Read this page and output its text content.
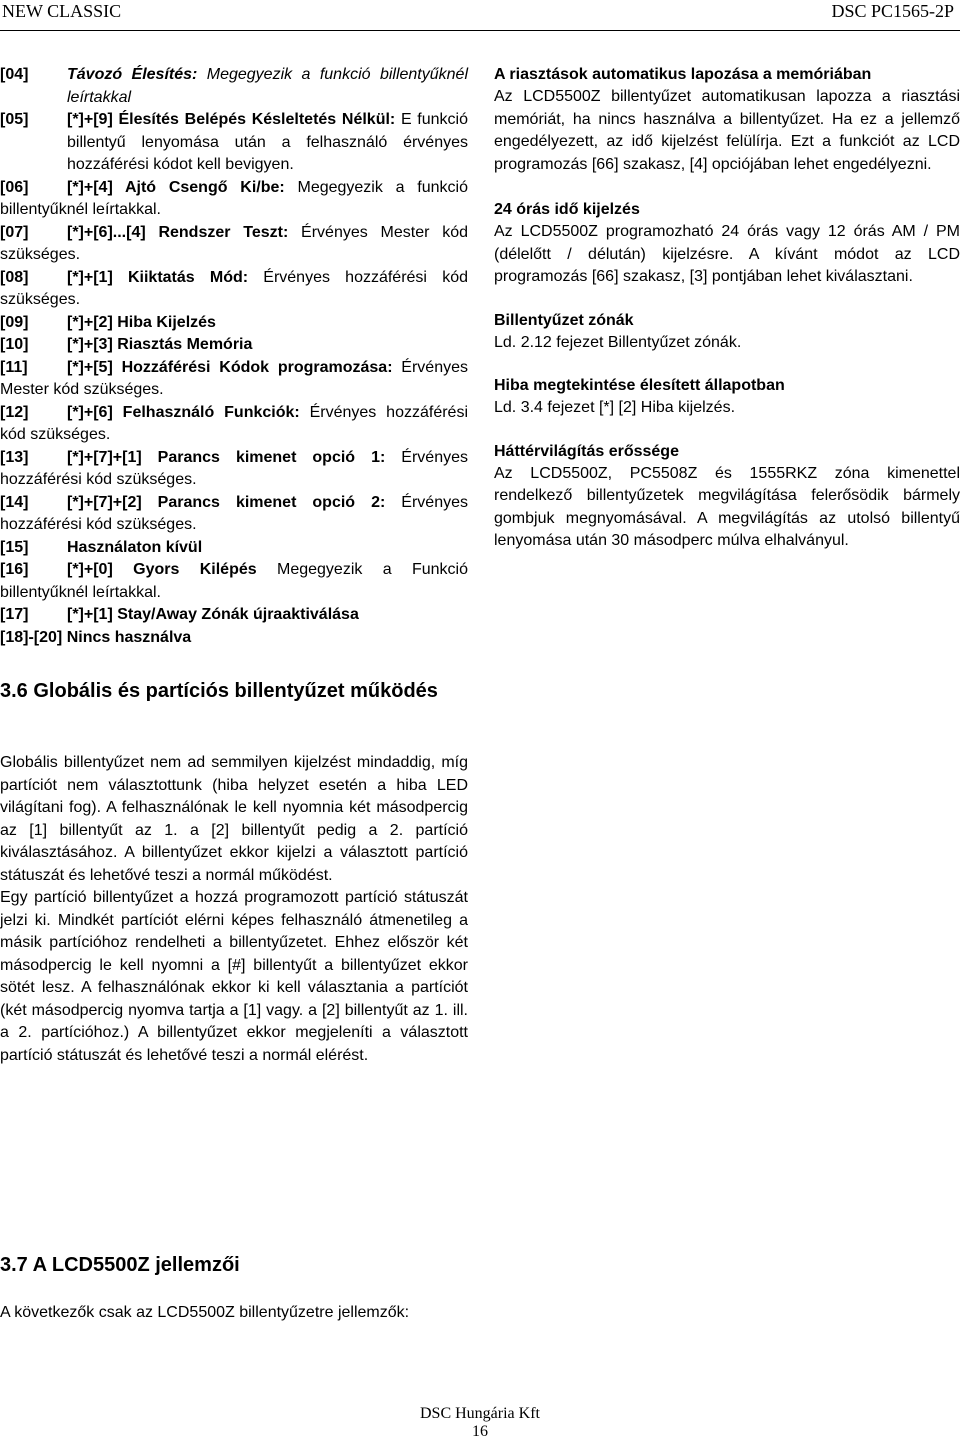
NEW CLASSIC	DSC PC1565-2P

[04] Távozó Élesítés: Megegyezik a funkció billentyűknél leírtakkal

[05] [*]+[9] Élesítés Belépés Késleltetés Nélkül: E funkció billentyű lenyomása után a felhasználó érvényes hozzáférési kódot kell bevigyen.

[06] [*]+[4] Ajtó Csengő Ki/be: Megegyezik a funkció billentyűknél leírtakkal.

[07] [*]+[6]...[4] Rendszer Teszt: Érvényes Mester kód szükséges.

[08] [*]+[1] Kiiktatás Mód: Érvényes hozzáférési kód szükséges.

[09] [*]+[2] Hiba Kijelzés

[10] [*]+[3] Riasztás Memória

[11] [*]+[5] Hozzáférési Kódok programozása: Érvényes Mester kód szükséges.

[12] [*]+[6] Felhasználó Funkciók: Érvényes hozzáférési kód szükséges.

[13] [*]+[7]+[1] Parancs kimenet opció 1: Érvényes hozzáférési kód szükséges.

[14] [*]+[7]+[2] Parancs kimenet opció 2: Érvényes hozzáférési kód szükséges.

[15] Használaton kívül

[16] [*]+[0] Gyors Kilépés Megegyezik a Funkció billentyűknél leírtakkal.

[17] [*]+[1] Stay/Away Zónák újraaktiválása

[18]-[20] Nincs használva

3.6 Globális és partíciós billentyűzet működés

Globális billentyűzet nem ad semmilyen kijelzést mindaddig, míg partíciót nem választottunk (hiba helyzet esetén a hiba LED világítani fog). A felhasználónak le kell nyomnia két másodpercig az [1] billentyűt az 1. a [2] billentyűt pedig a 2. partíció kiválasztásához. A billentyűzet ekkor kijelzi a választott partíció státuszát és lehetővé teszi a normál működést.

Egy partíció billentyűzet a hozzá programozott partíció státuszát jelzi ki. Mindkét partíciót elérni képes felhasználó átmenetileg a másik partícióhoz rendelheti a billentyűzetet. Ehhez először két másodpercig le kell nyomni a [#] billentyűt a billentyűzet ekkor sötét lesz. A felhasználónak ekkor ki kell választania a partíciót (két másodpercig nyomva tartja a [1] vagy. a [2] billentyűt az 1. ill. a 2. partícióhoz.) A billentyűzet ekkor megjeleníti a választott partíció státuszát és lehetővé teszi a normál elérést.

3.7 A LCD5500Z jellemzői

A következők csak az LCD5500Z billentyűzetre jellemzők:

A riasztások automatikus lapozása a memóriában

Az LCD5500Z billentyűzet automatikusan lapozza a riasztási memóriát, ha nincs használva a billentyűzet. Ha ez a jellemző engedélyezett, az idő kijelzést felülírja. Ezt a funkciót az LCD programozás [66] szakasz, [4] opciójában lehet engedélyezni.

24 órás idő kijelzés

Az LCD5500Z programozható 24 órás vagy 12 órás AM / PM (délelőtt / délután) kijelzésre. A kívánt módot az LCD programozás [66] szakasz, [3] pontjában lehet kiválasztani.

Billentyűzet zónák

Ld. 2.12 fejezet Billentyűzet zónák.

Hiba megtekintése élesített állapotban

Ld. 3.4 fejezet [*] [2] Hiba kijelzés.

Háttérvilágítás erőssége

Az LCD5500Z, PC5508Z és 1555RKZ zóna kimenettel rendelkező billentyűzetek megvilágítása felerősödik bármely gombjuk megnyomásával. A megvilágítás az utolsó billentyű lenyomása után 30 másodperc múlva elhalványul.

DSC Hungária Kft
16
